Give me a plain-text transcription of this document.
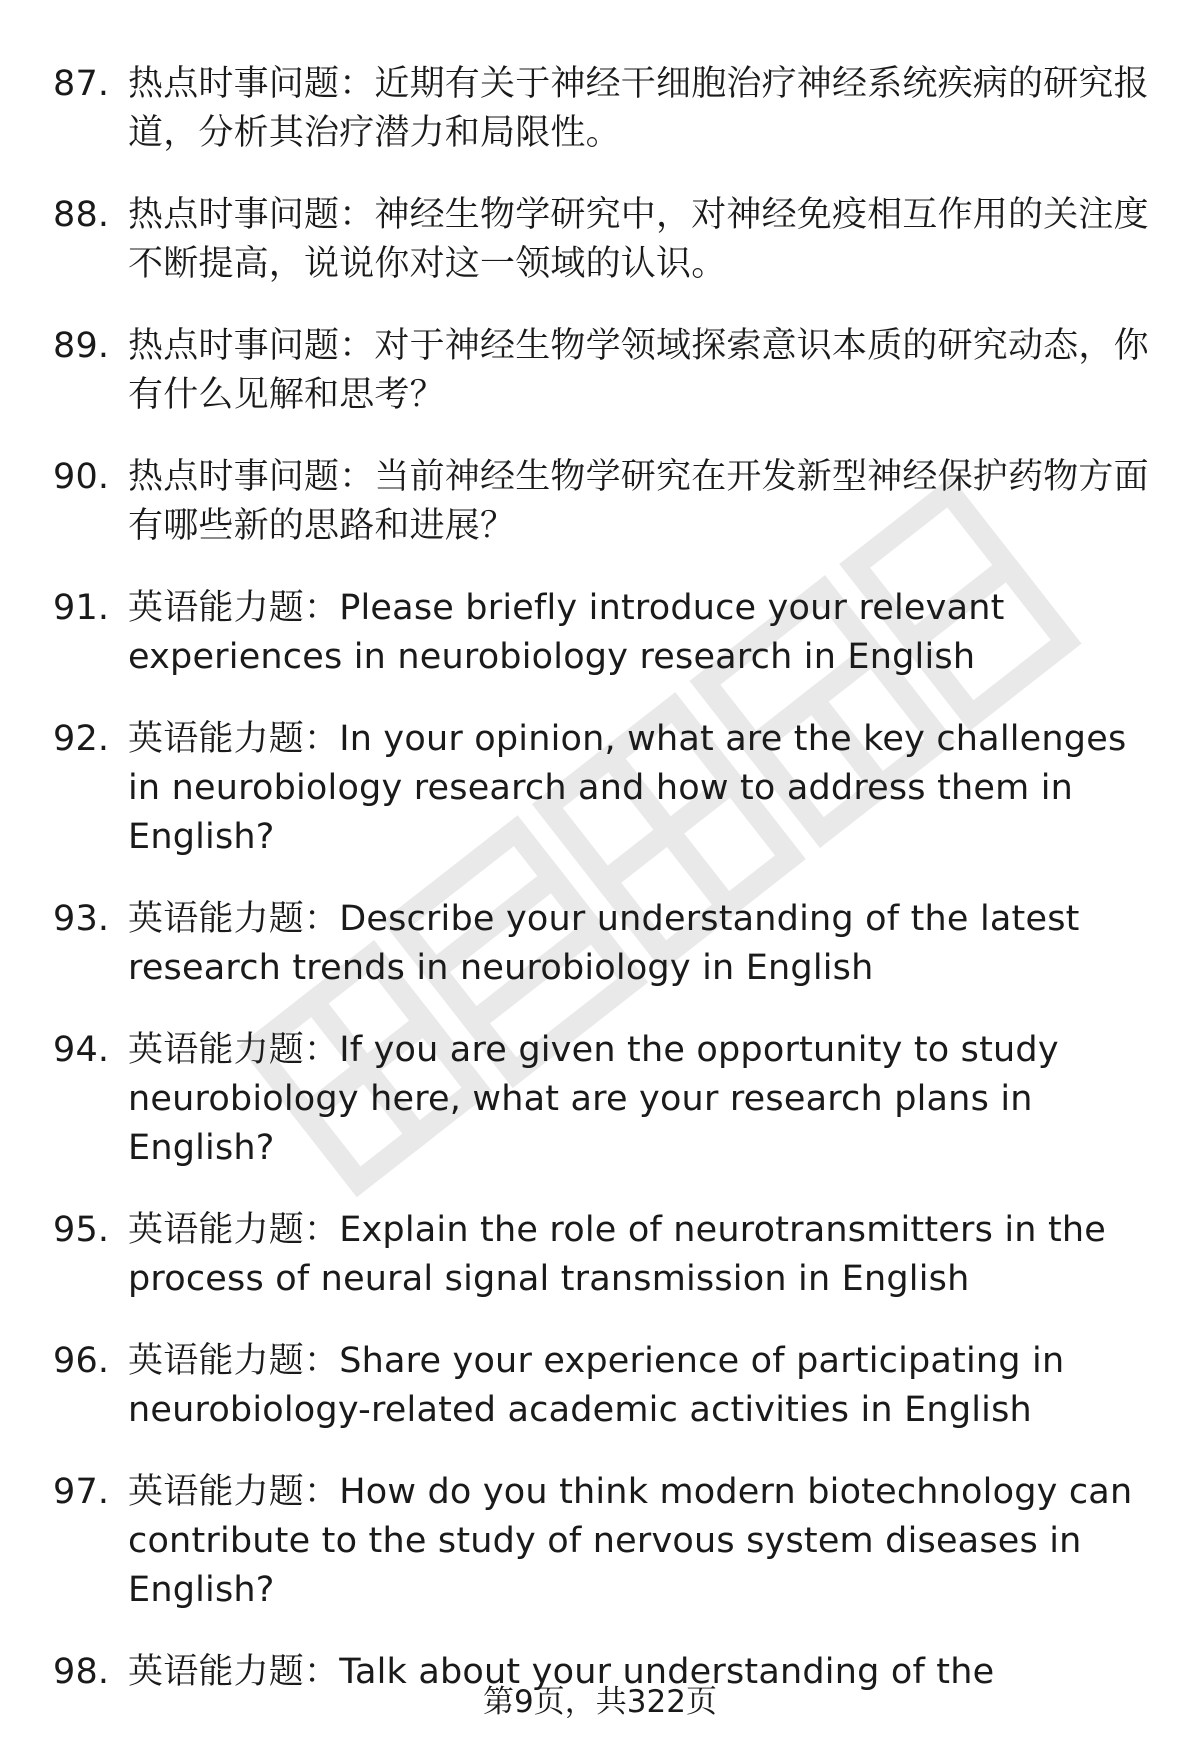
87. 热点时事问题：近期有关于神经干细胞治疗神经系统疾病的研究报道，分析其治疗潜力和局限性。
88. 热点时事问题：神经生物学研究中，对神经免疫相互作用的关注度不断提高，说说你对这一领域的认识。
89. 热点时事问题：对于神经生物学领域探索意识本质的研究动态，你有什么见解和思考？
90. 热点时事问题：当前神经生物学研究在开发新型神经保护药物方面有哪些新的思路和进展？
91. 英语能力题：Please briefly introduce your relevant experiences in neurobiology research in English
92. 英语能力题：In your opinion, what are the key challenges in neurobiology research and how to address them in English?
93. 英语能力题：Describe your understanding of the latest research trends in neurobiology in English
94. 英语能力题：If you are given the opportunity to study neurobiology here, what are your research plans in English?
95. 英语能力题：Explain the role of neurotransmitters in the process of neural signal transmission in English
96. 英语能力题：Share your experience of participating in neurobiology-related academic activities in English
97. 英语能力题：How do you think modern biotechnology can contribute to the study of nervous system diseases in English?
98. 英语能力题：Talk about your understanding of the
第9页，共322页
